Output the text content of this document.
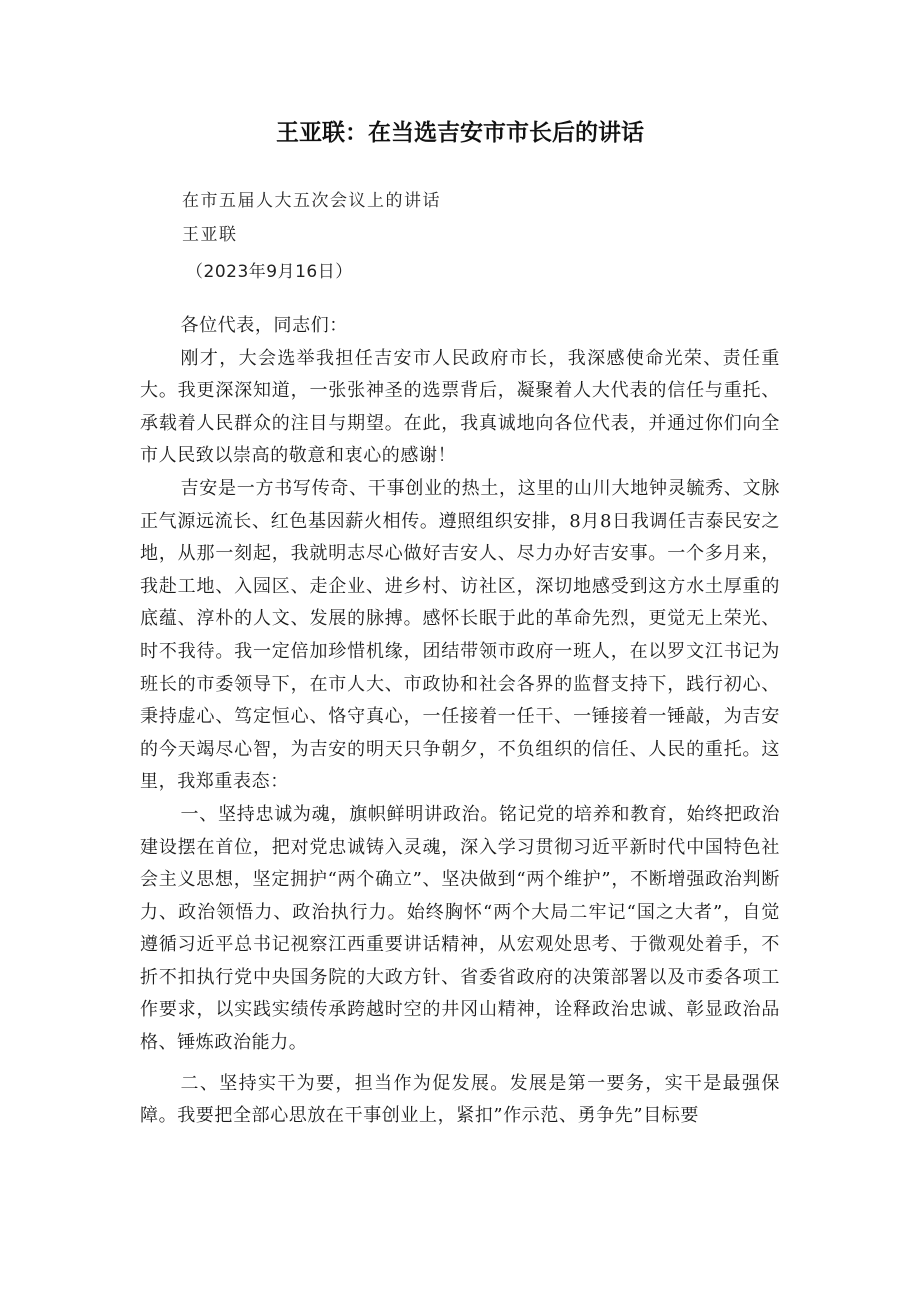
王亚联：在当选吉安市市长后的讲话
在市五届人大五次会议上的讲话
王亚联
（2023年9月16日）

各位代表，同志们：

刚才，大会选举我担任吉安市人民政府市长，我深感使命光荣、责任重大。我更深深知道，一张张神圣的选票背后，凝聚着人大代表的信任与重托、承载着人民群众的注目与期望。在此，我真诚地向各位代表，并通过你们向全市人民致以崇高的敬意和衷心的感谢！

吉安是一方书写传奇、干事创业的热土，这里的山川大地钟灵毓秀、文脉正气源远流长、红色基因薪火相传。遵照组织安排，8月8日我调任吉泰民安之地，从那一刻起，我就明志尽心做好吉安人、尽力办好吉安事。一个多月来，我赴工地、入园区、走企业、进乡村、访社区，深切地感受到这方水土厚重的底蕴、淳朴的人文、发展的脉搏。感怀长眠于此的革命先烈，更觉无上荣光、时不我待。我一定倍加珍惜机缘，团结带领市政府一班人，在以罗文江书记为班长的市委领导下，在市人大、市政协和社会各界的监督支持下，践行初心、秉持虚心、笃定恒心、恪守真心，一任接着一任干、一锤接着一锤敲，为吉安的今天竭尽心智，为吉安的明天只争朝夕，不负组织的信任、人民的重托。这里，我郑重表态：

一、坚持忠诚为魂，旗帜鲜明讲政治。铭记党的培养和教育，始终把政治建设摆在首位，把对党忠诚铸入灵魂，深入学习贯彻习近平新时代中国特色社会主义思想，坚定拥护“两个确立”、坚决做到“两个维护”，不断增强政治判断力、政治领悟力、政治执行力。始终胸怀“两个大局二牢记“国之大者”，自觉遵循习近平总书记视察江西重要讲话精神，从宏观处思考、于微观处着手，不折不扣执行党中央国务院的大政方针、省委省政府的决策部署以及市委各项工作要求，以实践实绩传承跨越时空的井冈山精神，诠释政治忠诚、彰显政治品格、锤炼政治能力。

二、坚持实干为要，担当作为促发展。发展是第一要务，实干是最强保障。我要把全部心思放在干事创业上，紧扣”作示范、勇争先”目标要
